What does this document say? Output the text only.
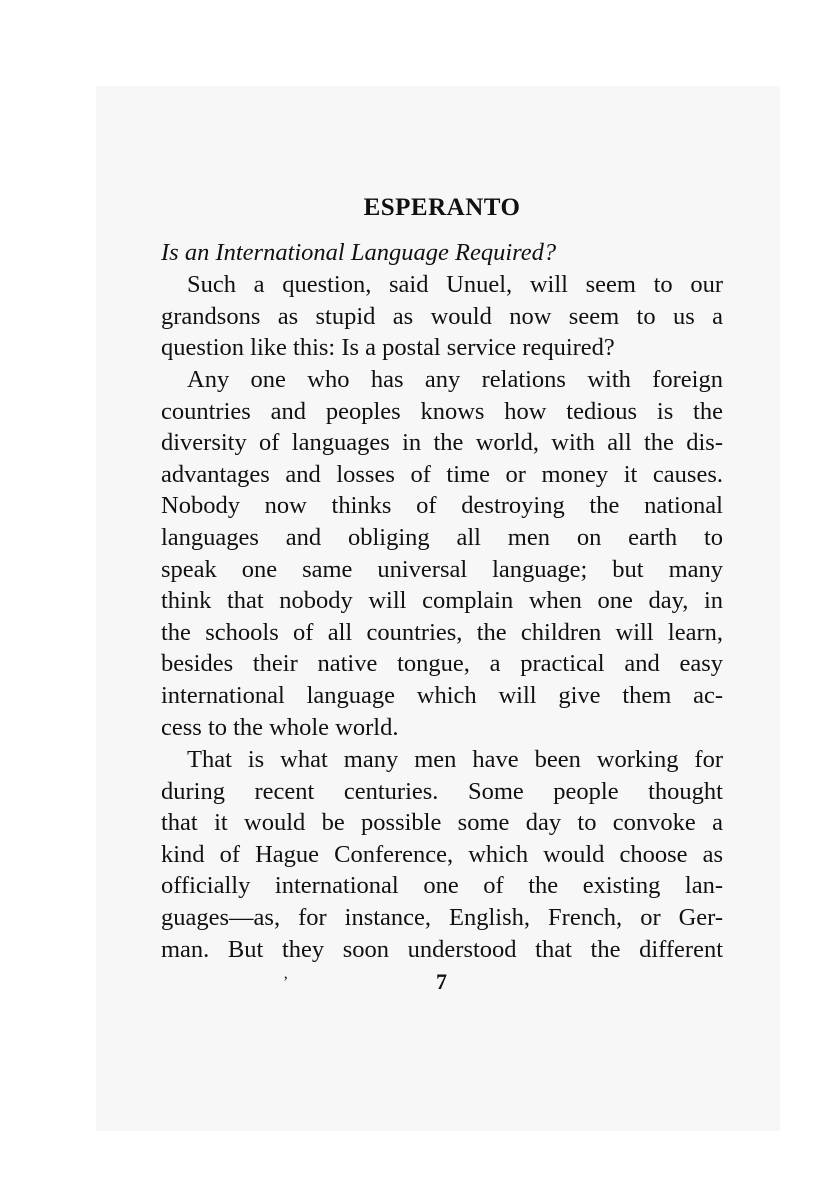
ESPERANTO

Is an International Language Required?

Such a question, said Unuel, will seem to our
grandsons as stupid as would now seem to us a
question like this: Is a postal service required?
Any one who has any relations with foreign
countries and peoples knows how tedious is the
diversity of languages in the world, with all the dis-
advantages and losses of time or money it causes.
Nobody now thinks of destroying the national
languages and obliging all men on earth to
speak one same universal language; but many
think that nobody will complain when one day, in
the schools of all countries, the children will learn,
besides their native tongue, a practical and easy
international language which will give them ac-
cess to the whole world.
That is what many men have been working for
during recent centuries. Some people thought
that it would be possible some day to convoke a
kind of Hague Conference, which would choose as
officially international one of the existing lan-
guages—as, for instance, English, French, or Ger-
man. But they soon understood that the different
ʼ	7
